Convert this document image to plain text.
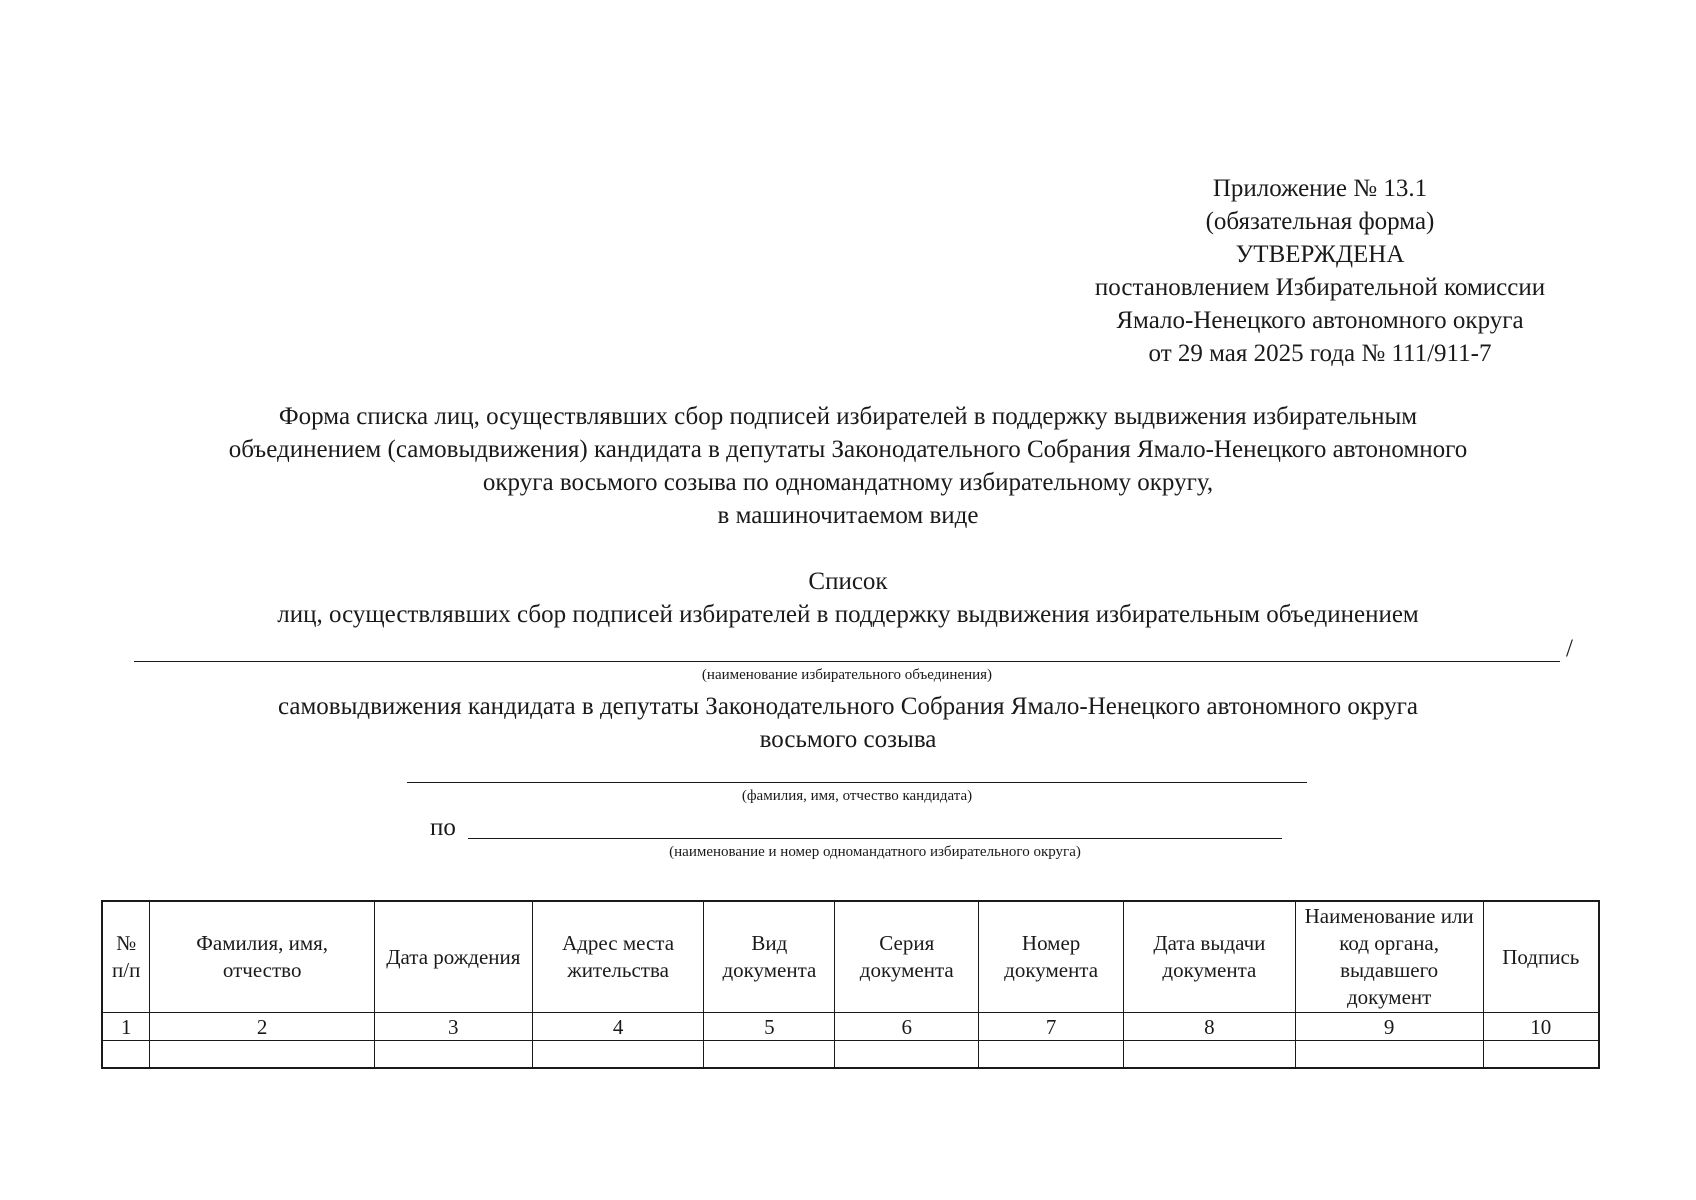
Приложение № 13.1
(обязательная форма)
УТВЕРЖДЕНА
постановлением Избирательной комиссии
Ямало-Ненецкого автономного округа
от 29 мая 2025 года № 111/911-7
Форма списка лиц, осуществлявших сбор подписей избирателей в поддержку выдвижения избирательным
объединением (самовыдвижения) кандидата в депутаты Законодательного Собрания Ямало-Ненецкого автономного
округа восьмого созыва по одномандатному избирательному округу,
в машиночитаемом виде
Список
лиц, осуществлявших сбор подписей избирателей в поддержку выдвижения избирательным объединением
/
(наименование избирательного объединения)
самовыдвижения кандидата в депутаты Законодательного Собрания Ямало-Ненецкого автономного округа
восьмого созыва
(фамилия, имя, отчество кандидата)
по
(наименование и номер одномандатного избирательного округа)
№ п/п	Фамилия, имя, отчество	Дата рождения	Адрес места жительства	Вид документа	Серия документа	Номер документа	Дата выдачи документа	Наименование или код органа, выдавшего документ	Подпись
1	2	3	4	5	6	7	8	9	10
